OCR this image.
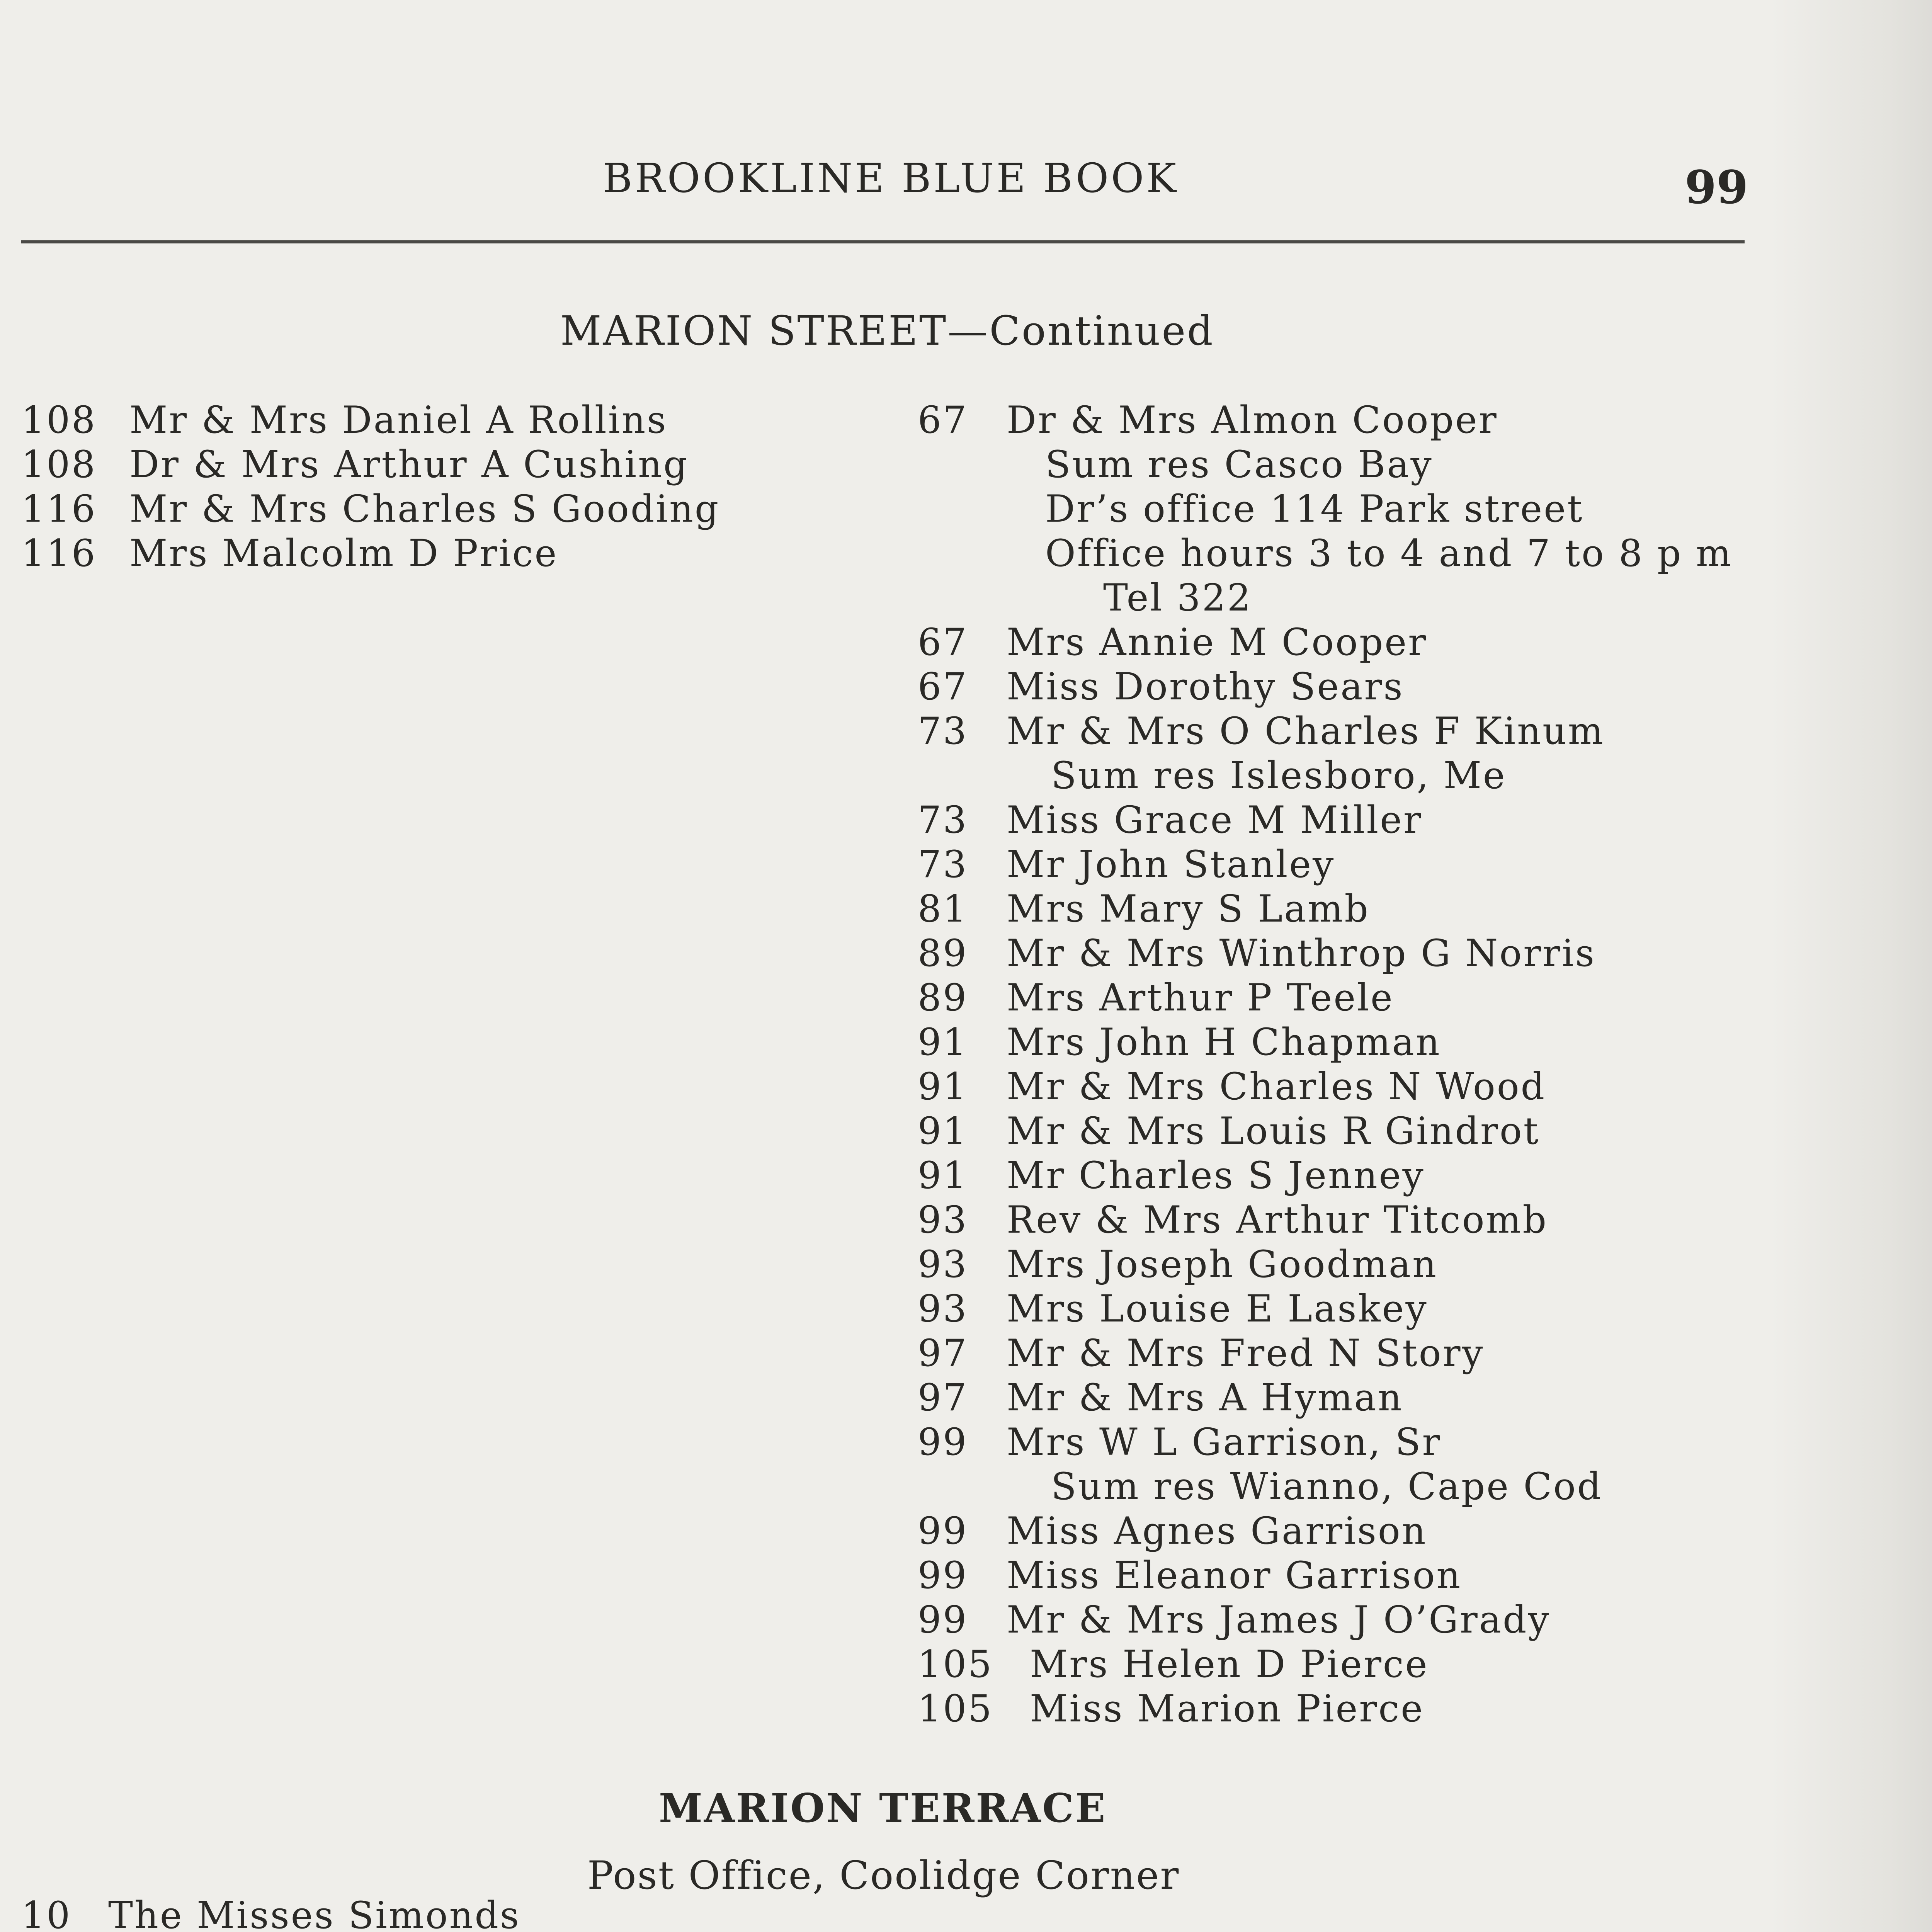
BROOKLINE BLUE BOOK	99
MARION STREET—Continued
108 Mr & Mrs Daniel A Rollins
108 Dr & Mrs Arthur A Cushing
116 Mr & Mrs Charles S Gooding
116 Mrs Malcolm D Price
67 Dr & Mrs Almon Cooper
Sum res Casco Bay
Dr’s office 114 Park street
Office hours 3 to 4 and 7 to 8 p m
Tel 322
67 Mrs Annie M Cooper
67 Miss Dorothy Sears
73 Mr & Mrs O Charles F Kinum
Sum res Islesboro, Me
73 Miss Grace M Miller
73 Mr John Stanley
81 Mrs Mary S Lamb
89 Mr & Mrs Winthrop G Norris
89 Mrs Arthur P Teele
91 Mrs John H Chapman
91 Mr & Mrs Charles N Wood
91 Mr & Mrs Louis R Gindrot
91 Mr Charles S Jenney
93 Rev & Mrs Arthur Titcomb
93 Mrs Joseph Goodman
93 Mrs Louise E Laskey
97 Mr & Mrs Fred N Story
97 Mr & Mrs A Hyman
99 Mrs W L Garrison, Sr
Sum res Wianno, Cape Cod
99 Miss Agnes Garrison
99 Miss Eleanor Garrison
99 Mr & Mrs James J O’Grady
105 Mrs Helen D Pierce
105 Miss Marion Pierce
MARION TERRACE
Post Office, Coolidge Corner
10 The Misses Simonds
